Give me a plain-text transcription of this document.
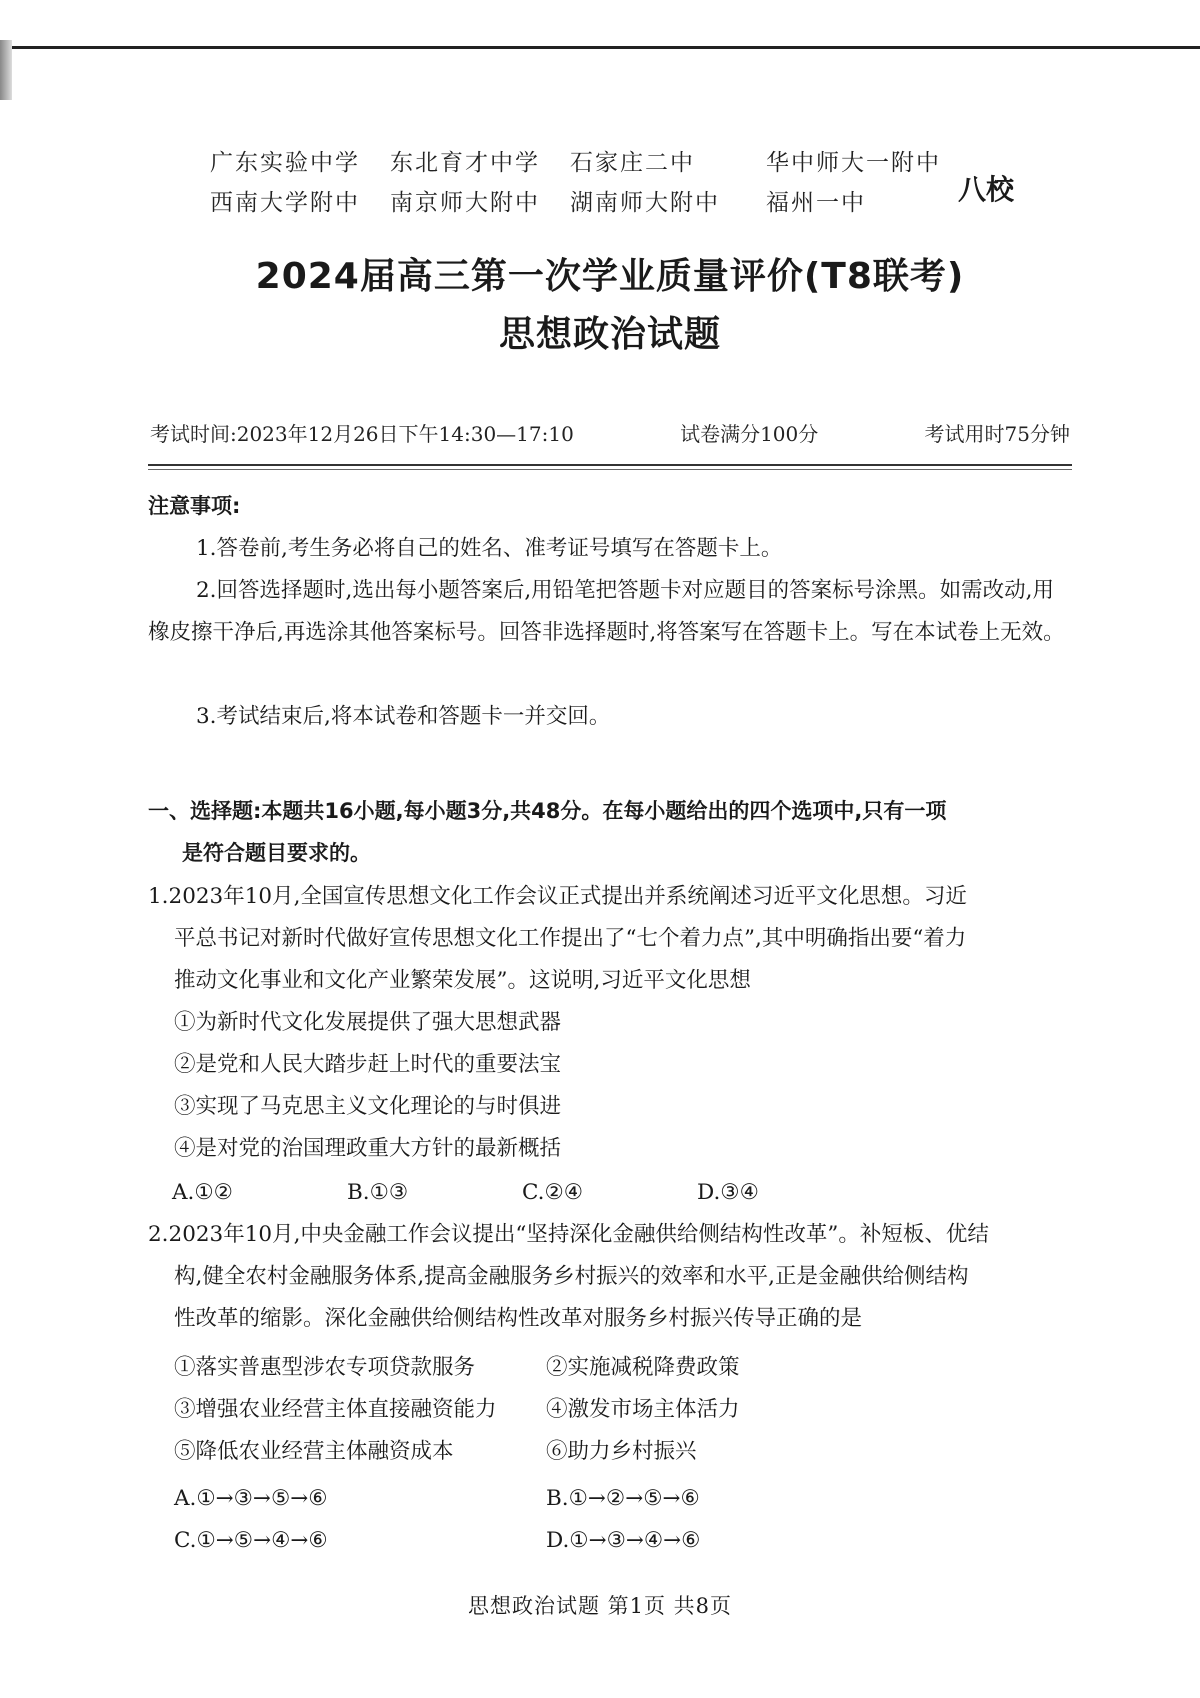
广东实验中学	东北育才中学	石家庄二中	华中师大一附中
西南大学附中	南京师大附中	湖南师大附中	福州一中	八校
2024届高三第一次学业质量评价(T8联考)
思想政治试题
考试时间:2023年12月26日下午14:30—17:10	试卷满分100分	考试用时75分钟
注意事项:
1.答卷前,考生务必将自己的姓名、准考证号填写在答题卡上。
2.回答选择题时,选出每小题答案后,用铅笔把答题卡对应题目的答案标号涂黑。如需改动,用橡皮擦干净后,再选涂其他答案标号。回答非选择题时,将答案写在答题卡上。写在本试卷上无效。
3.考试结束后,将本试卷和答题卡一并交回。
一、选择题:本题共16小题,每小题3分,共48分。在每小题给出的四个选项中,只有一项
是符合题目要求的。
1.2023年10月,全国宣传思想文化工作会议正式提出并系统阐述习近平文化思想。习近
平总书记对新时代做好宣传思想文化工作提出了“七个着力点”,其中明确指出要“着力
推动文化事业和文化产业繁荣发展”。这说明,习近平文化思想
①为新时代文化发展提供了强大思想武器
②是党和人民大踏步赶上时代的重要法宝
③实现了马克思主义文化理论的与时俱进
④是对党的治国理政重大方针的最新概括
A.①②	B.①③	C.②④	D.③④
2.2023年10月,中央金融工作会议提出“坚持深化金融供给侧结构性改革”。补短板、优结
构,健全农村金融服务体系,提高金融服务乡村振兴的效率和水平,正是金融供给侧结构
性改革的缩影。深化金融供给侧结构性改革对服务乡村振兴传导正确的是
①落实普惠型涉农专项贷款服务	②实施减税降费政策
③增强农业经营主体直接融资能力	④激发市场主体活力
⑤降低农业经营主体融资成本	⑥助力乡村振兴
A.①→③→⑤→⑥	B.①→②→⑤→⑥
C.①→⑤→④→⑥	D.①→③→④→⑥
思想政治试题 第1页 共8页
